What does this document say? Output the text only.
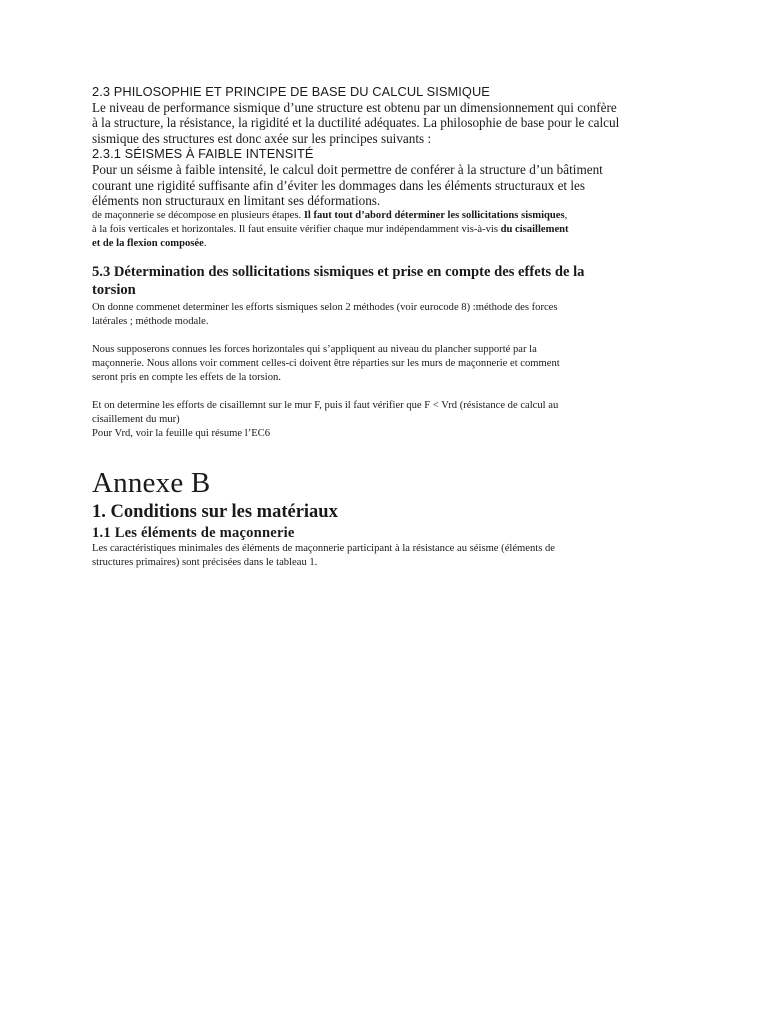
2.3 PHILOSOPHIE ET PRINCIPE DE BASE DU CALCUL SISMIQUE

Le niveau de performance sismique d’une structure est obtenu par un dimensionnement qui confère

à la structure, la résistance, la rigidité et la ductilité adéquates. La philosophie de base pour le calcul

sismique des structures est donc axée sur les principes suivants :

2.3.1 SÉISMES À FAIBLE INTENSITÉ

Pour un séisme à faible intensité, le calcul doit permettre de conférer à la structure d’un bâtiment

courant une rigidité suffisante afin d’éviter les dommages dans les éléments structuraux et les

éléments non structuraux en limitant ses déformations.

de maçonnerie se décompose en plusieurs étapes. Il faut tout d’abord déterminer les sollicitations sismiques,

à la fois verticales et horizontales. Il faut ensuite vérifier chaque mur indépendamment vis-à-vis du cisaillement

et de la flexion composée.

5.3 Détermination des sollicitations sismiques et prise en compte des effets de la
torsion

On donne commenet determiner les efforts sismiques selon 2 méthodes (voir eurocode 8) :méthode des forces

latérales ; méthode modale.

Nous supposerons connues les forces horizontales qui s’appliquent au niveau du plancher supporté par la

maçonnerie. Nous allons voir comment celles-ci doivent être réparties sur les murs de maçonnerie et comment

seront pris en compte les effets de la torsion.

Et on determine les efforts de cisaillemnt sur le mur F, puis il faut vérifier que F < Vrd (résistance de calcul au

cisaillement du mur)

Pour Vrd, voir la feuille qui résume l’EC6

Annexe B
1. Conditions sur les matériaux
1.1 Les éléments de maçonnerie

Les caractéristiques minimales des éléments de maçonnerie participant à la résistance au séisme (éléments de

structures primaires) sont précisées dans le tableau 1.
